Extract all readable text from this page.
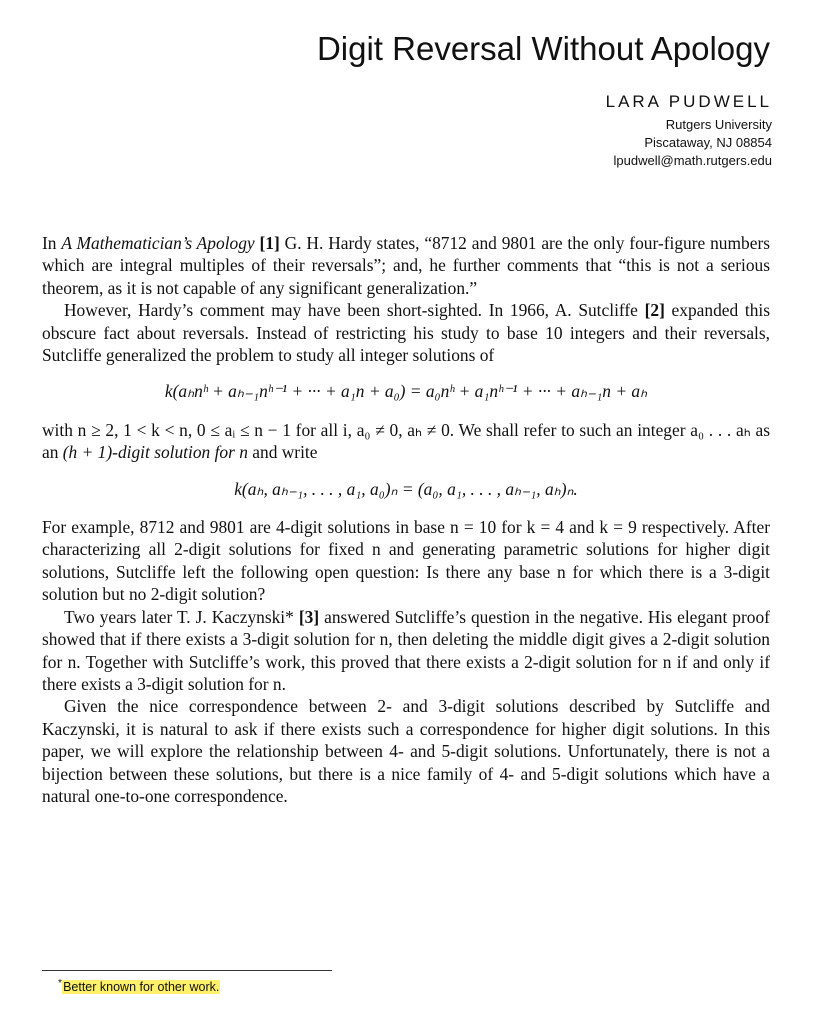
Digit Reversal Without Apology

LARA PUDWELL

Rutgers University

Piscataway, NJ 08854

lpudwell@math.rutgers.edu

In A Mathematician’s Apology [1] G. H. Hardy states, “8712 and 9801 are the only four-figure numbers which are integral multiples of their reversals”; and, he further comments that “this is not a serious theorem, as it is not capable of any significant generalization.”

However, Hardy’s comment may have been short-sighted. In 1966, A. Sutcliffe [2] expanded this obscure fact about reversals. Instead of restricting his study to base 10 integers and their reversals, Sutcliffe generalized the problem to study all integer solutions of

k(aₕnʰ + aₕ₋₁nʰ⁻¹ + ··· + a₁n + a₀) = a₀nʰ + a₁nʰ⁻¹ + ··· + aₕ₋₁n + aₕ

with n ≥ 2, 1 < k < n, 0 ≤ aᵢ ≤ n − 1 for all i, a₀ ≠ 0, aₕ ≠ 0. We shall refer to such an integer a₀ . . . aₕ as an (h + 1)-digit solution for n and write

k(aₕ, aₕ₋₁, . . . , a₁, a₀)ₙ = (a₀, a₁, . . . , aₕ₋₁, aₕ)ₙ.

For example, 8712 and 9801 are 4-digit solutions in base n = 10 for k = 4 and k = 9 respectively. After characterizing all 2-digit solutions for fixed n and generating parametric solutions for higher digit solutions, Sutcliffe left the following open question: Is there any base n for which there is a 3-digit solution but no 2-digit solution?

Two years later T. J. Kaczynski* [3] answered Sutcliffe’s question in the negative. His elegant proof showed that if there exists a 3-digit solution for n, then deleting the middle digit gives a 2-digit solution for n. Together with Sutcliffe’s work, this proved that there exists a 2-digit solution for n if and only if there exists a 3-digit solution for n.

Given the nice correspondence between 2- and 3-digit solutions described by Sutcliffe and Kaczynski, it is natural to ask if there exists such a correspondence for higher digit solutions. In this paper, we will explore the relationship between 4- and 5-digit solutions. Unfortunately, there is not a bijection between these solutions, but there is a nice family of 4- and 5-digit solutions which have a natural one-to-one correspondence.

*Better known for other work.
